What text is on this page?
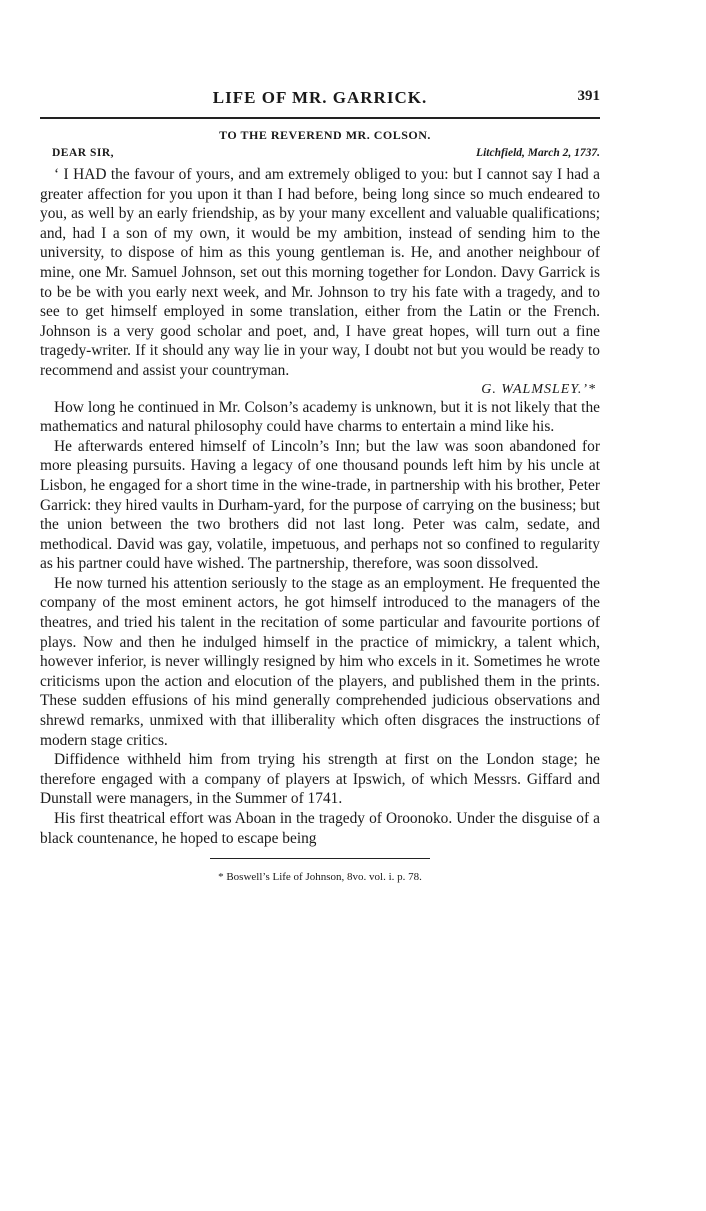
LIFE OF MR. GARRICK.	391
TO THE REVEREND MR. COLSON.
DEAR SIR,	Litchfield, March 2, 1737.

‘ I HAD the favour of yours, and am extremely obliged to you: but I cannot say I had a greater affection for you upon it than I had before, being long since so much endeared to you, as well by an early friendship, as by your many excellent and valuable qualifications; and, had I a son of my own, it would be my ambition, instead of sending him to the university, to dispose of him as this young gentleman is. He, and another neighbour of mine, one Mr. Samuel Johnson, set out this morning together for London. Davy Garrick is to be be with you early next week, and Mr. Johnson to try his fate with a tragedy, and to see to get himself employed in some translation, either from the Latin or the French. Johnson is a very good scholar and poet, and, I have great hopes, will turn out a fine tragedy-writer. If it should any way lie in your way, I doubt not but you would be ready to recommend and assist your countryman.

G. WALMSLEY.’*

How long he continued in Mr. Colson’s academy is unknown, but it is not likely that the mathematics and natural philosophy could have charms to entertain a mind like his.

He afterwards entered himself of Lincoln’s Inn; but the law was soon abandoned for more pleasing pursuits. Having a legacy of one thousand pounds left him by his uncle at Lisbon, he engaged for a short time in the wine-trade, in partnership with his brother, Peter Garrick: they hired vaults in Durham-yard, for the purpose of carrying on the business; but the union between the two brothers did not last long. Peter was calm, sedate, and methodical. David was gay, volatile, impetuous, and perhaps not so confined to regularity as his partner could have wished. The partnership, therefore, was soon dissolved.

He now turned his attention seriously to the stage as an employment. He frequented the company of the most eminent actors, he got himself introduced to the managers of the theatres, and tried his talent in the recitation of some particular and favourite portions of plays. Now and then he indulged himself in the practice of mimickry, a talent which, however inferior, is never willingly resigned by him who excels in it. Sometimes he wrote criticisms upon the action and elocution of the players, and published them in the prints. These sudden effusions of his mind generally comprehended judicious observations and shrewd remarks, unmixed with that illiberality which often disgraces the instructions of modern stage critics.

Diffidence withheld him from trying his strength at first on the London stage; he therefore engaged with a company of players at Ipswich, of which Messrs. Giffard and Dunstall were managers, in the Summer of 1741.

His first theatrical effort was Aboan in the tragedy of Oroonoko. Under the disguise of a black countenance, he hoped to escape being

* Boswell’s Life of Johnson, 8vo. vol. i. p. 78.
